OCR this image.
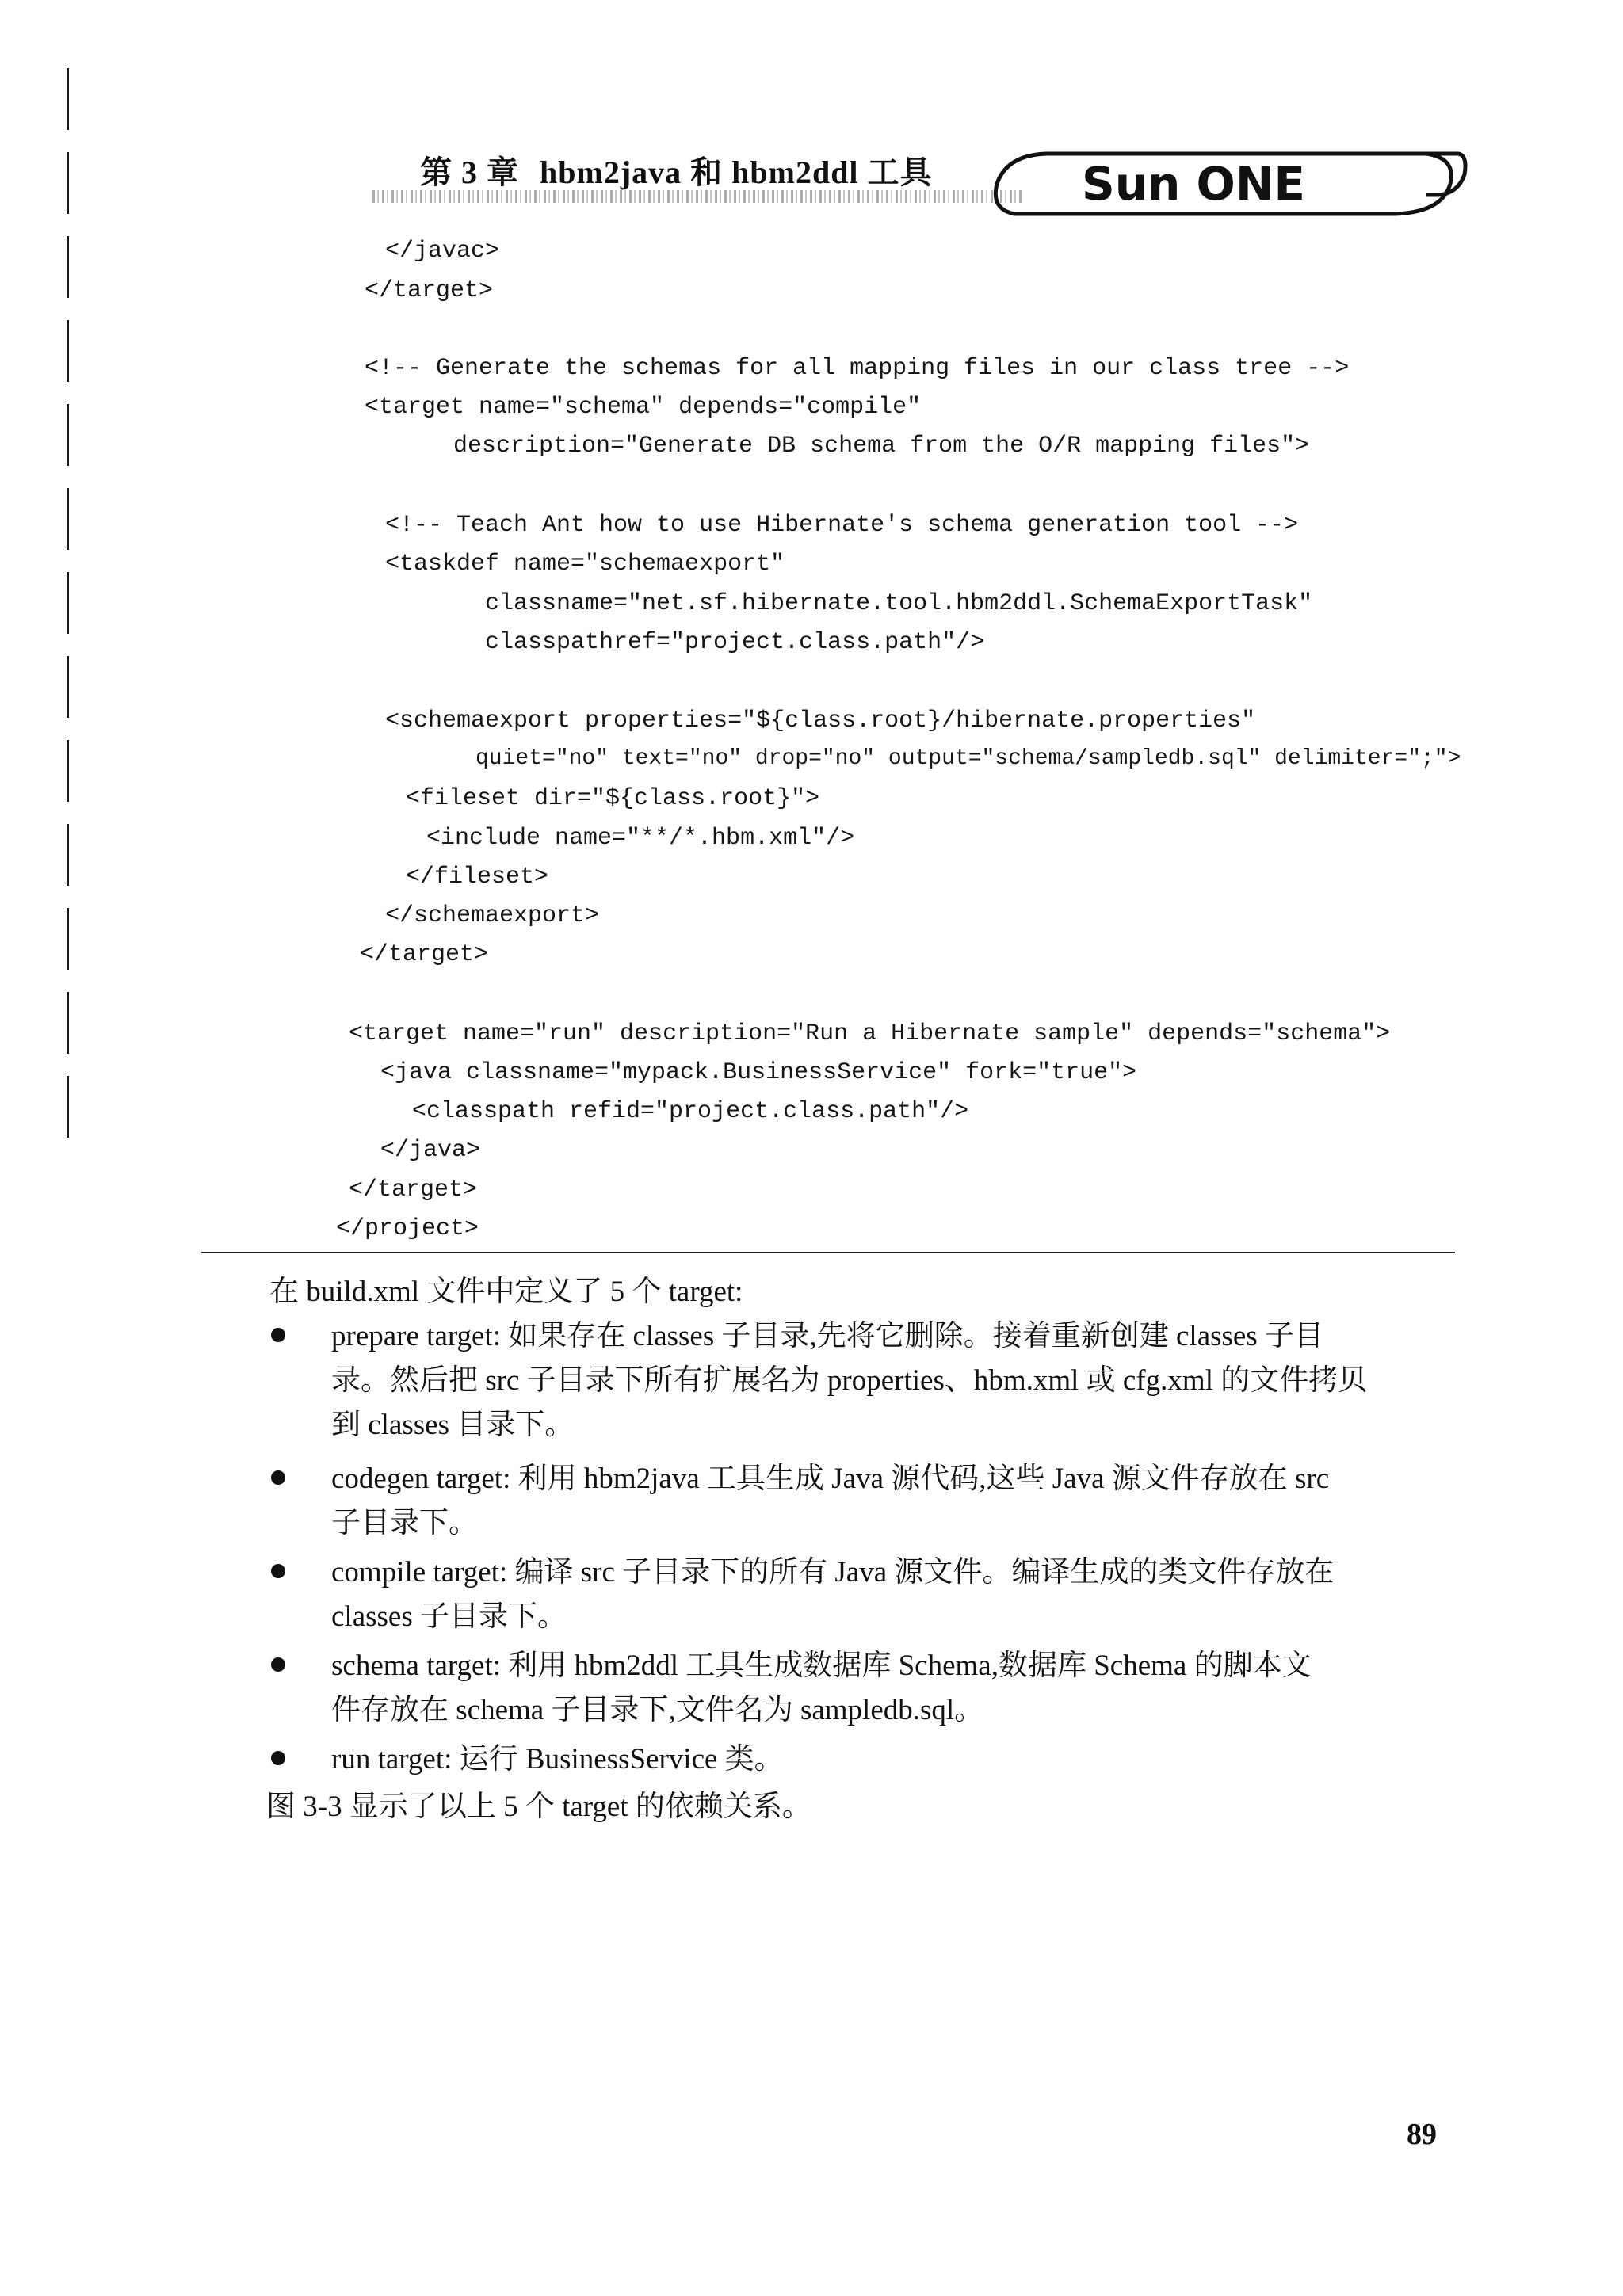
第 3 章 hbm2java 和 hbm2ddl 工具	Sun ONE
</javac>
</target>
<!-- Generate the schemas for all mapping files in our class tree -->
<target name="schema" depends="compile"
description="Generate DB schema from the O/R mapping files">
<!-- Teach Ant how to use Hibernate's schema generation tool -->
<taskdef name="schemaexport"
classname="net.sf.hibernate.tool.hbm2ddl.SchemaExportTask"
classpathref="project.class.path"/>
<schemaexport properties="${class.root}/hibernate.properties"
quiet="no" text="no" drop="no" output="schema/sampledb.sql" delimiter=";">
<fileset dir="${class.root}">
<include name="**/*.hbm.xml"/>
</fileset>
</schemaexport>
</target>
<target name="run" description="Run a Hibernate sample" depends="schema">
<java classname="mypack.BusinessService" fork="true">
<classpath refid="project.class.path"/>
</java>
</target>
</project>
在 build.xml 文件中定义了 5 个 target:
prepare target: 如果存在 classes 子目录,先将它删除。接着重新创建 classes 子目
录。然后把 src 子目录下所有扩展名为 properties、hbm.xml 或 cfg.xml 的文件拷贝
到 classes 目录下。
codegen target: 利用 hbm2java 工具生成 Java 源代码,这些 Java 源文件存放在 src
子目录下。
compile target: 编译 src 子目录下的所有 Java 源文件。编译生成的类文件存放在
classes 子目录下。
schema target: 利用 hbm2ddl 工具生成数据库 Schema,数据库 Schema 的脚本文
件存放在 schema 子目录下,文件名为 sampledb.sql。
run target: 运行 BusinessService 类。
图 3-3 显示了以上 5 个 target 的依赖关系。
89
